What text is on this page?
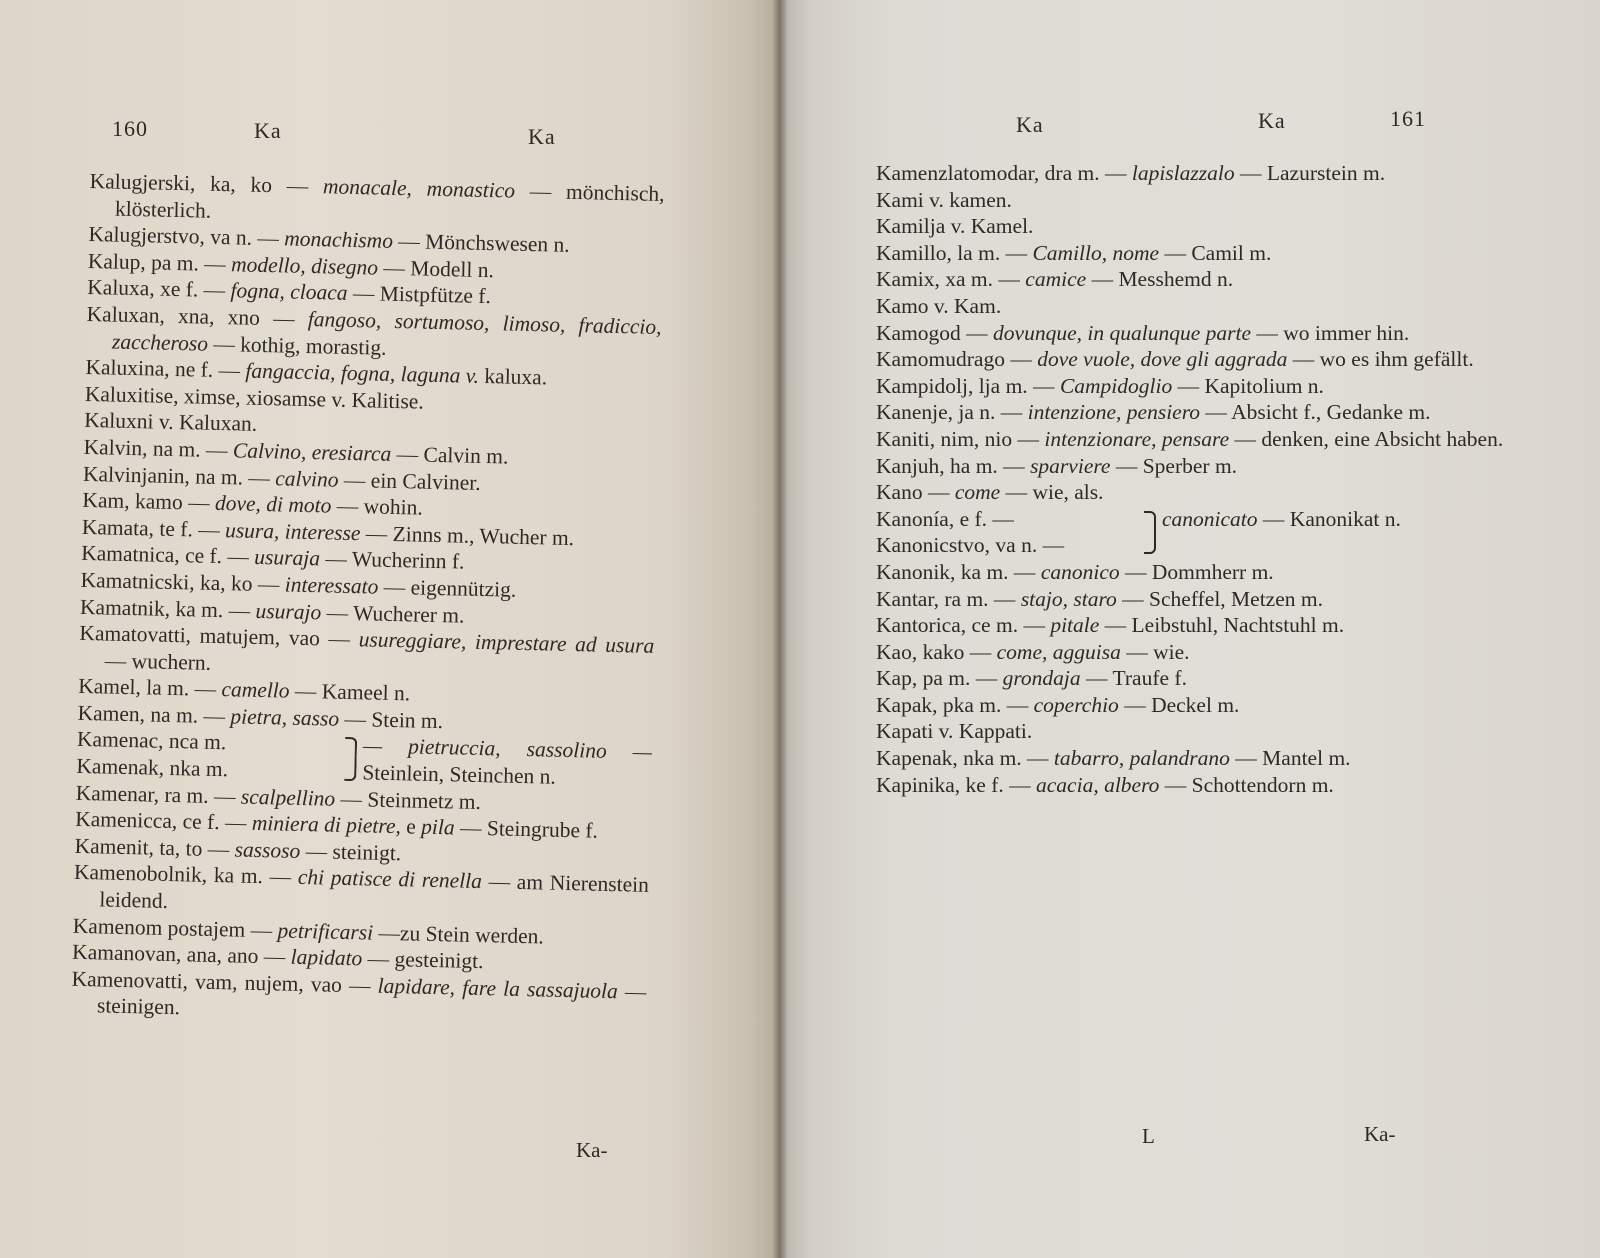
160	Ka	Ka

Kalugjerski, ka, ko — monacale, monastico — mönchisch, klösterlich.

Kalugjerstvo, va n. — monachismo — Mönchswesen n.

Kalup, pa m. — modello, disegno — Modell n.

Kaluxa, xe f. — fogna, cloaca — Mistpfütze f.

Kaluxan, xna, xno — fangoso, sortumoso, limoso, fradiccio, zaccheroso — kothig, morastig.

Kaluxina, ne f. — fangaccia, fogna, laguna v. kaluxa.

Kaluxitise, ximse, xiosamse v. Kalitise.

Kaluxni v. Kaluxan.

Kalvin, na m. — Calvino, eresiarca — Calvin m.

Kalvinjanin, na m. — calvino — ein Calviner.

Kam, kamo — dove, di moto — wohin.

Kamata, te f. — usura, interesse — Zinns m., Wucher m.

Kamatnica, ce f. — usuraja — Wucherinn f.

Kamatnicski, ka, ko — interessato — eigennützig.

Kamatnik, ka m. — usurajo — Wucherer m.

Kamatovatti, matujem, vao — usureggiare, imprestare ad usura — wuchern.

Kamel, la m. — camello — Kameel n.

Kamen, na m. — pietra, sasso — Stein m.

Kamenac, nca m.

Kamenak, nka m.

— pietruccia, sassolino — Steinlein, Steinchen n.

Kamenar, ra m. — scalpellino — Steinmetz m.

Kamenicca, ce f. — miniera di pietre, e pila — Steingrube f.

Kamenit, ta, to — sassoso — steinigt.

Kamenobolnik, ka m. — chi patisce di renella — am Nierenstein leidend.

Kamenom postajem — petrificarsi —zu Stein werden.

Kamanovan, ana, ano — lapidato — gesteinigt.

Kamenovatti, vam, nujem, vao — lapidare, fare la sassajuola — steinigen.

Ka-
Ka	Ka	161

Kamenzlatomodar, dra m. — lapislazzalo — Lazurstein m.

Kami v. kamen.

Kamilja v. Kamel.

Kamillo, la m. — Camillo, nome — Camil m.

Kamix, xa m. — camice — Messhemd n.

Kamo v. Kam.

Kamogod — dovunque, in qualunque parte — wo immer hin.

Kamomudrago — dove vuole, dove gli aggrada — wo es ihm gefällt.

Kampidolj, lja m. — Campidoglio — Kapitolium n.

Kanenje, ja n. — intenzione, pensiero — Absicht f., Gedanke m.

Kaniti, nim, nio — intenzionare, pensare — denken, eine Absicht haben.

Kanjuh, ha m. — sparviere — Sperber m.

Kano — come — wie, als.

Kanonía, e f. —

Kanonicstvo, va n. —

canonicato — Kanonikat n.

Kanonik, ka m. — canonico — Dommherr m.

Kantar, ra m. — stajo, staro — Scheffel, Metzen m.

Kantorica, ce m. — pitale — Leibstuhl, Nachtstuhl m.

Kao, kako — come, agguisa — wie.

Kap, pa m. — grondaja — Traufe f.

Kapak, pka m. — coperchio — Deckel m.

Kapati v. Kappati.

Kapenak, nka m. — tabarro, palandrano — Mantel m.

Kapinika, ke f. — acacia, albero — Schottendorn m.

L	Ka-
